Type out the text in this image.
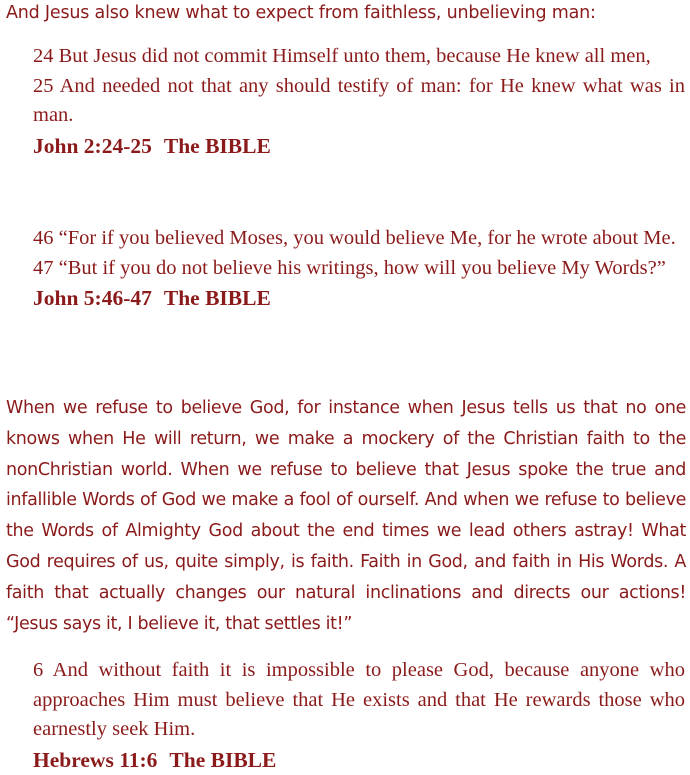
And Jesus also knew what to expect from faithless, unbelieving man:

24 But Jesus did not commit Himself unto them, because He knew all men,

25 And needed not that any should testify of man: for He knew what was in man.

John 2:24-25 The BIBLE

46 “For if you believed Moses, you would believe Me, for he wrote about Me.

47 “But if you do not believe his writings, how will you believe My Words?”

John 5:46-47 The BIBLE

When we refuse to believe God, for instance when Jesus tells us that no one knows when He will return, we make a mockery of the Christian faith to the nonChristian world. When we refuse to believe that Jesus spoke the true and infallible Words of God we make a fool of ourself. And when we refuse to believe the Words of Almighty God about the end times we lead others astray! What God requires of us, quite simply, is faith. Faith in God, and faith in His Words. A faith that actually changes our natural inclinations and directs our actions! “Jesus says it, I believe it, that settles it!”

6 And without faith it is impossible to please God, because anyone who approaches Him must believe that He exists and that He rewards those who earnestly seek Him.

Hebrews 11:6 The BIBLE
